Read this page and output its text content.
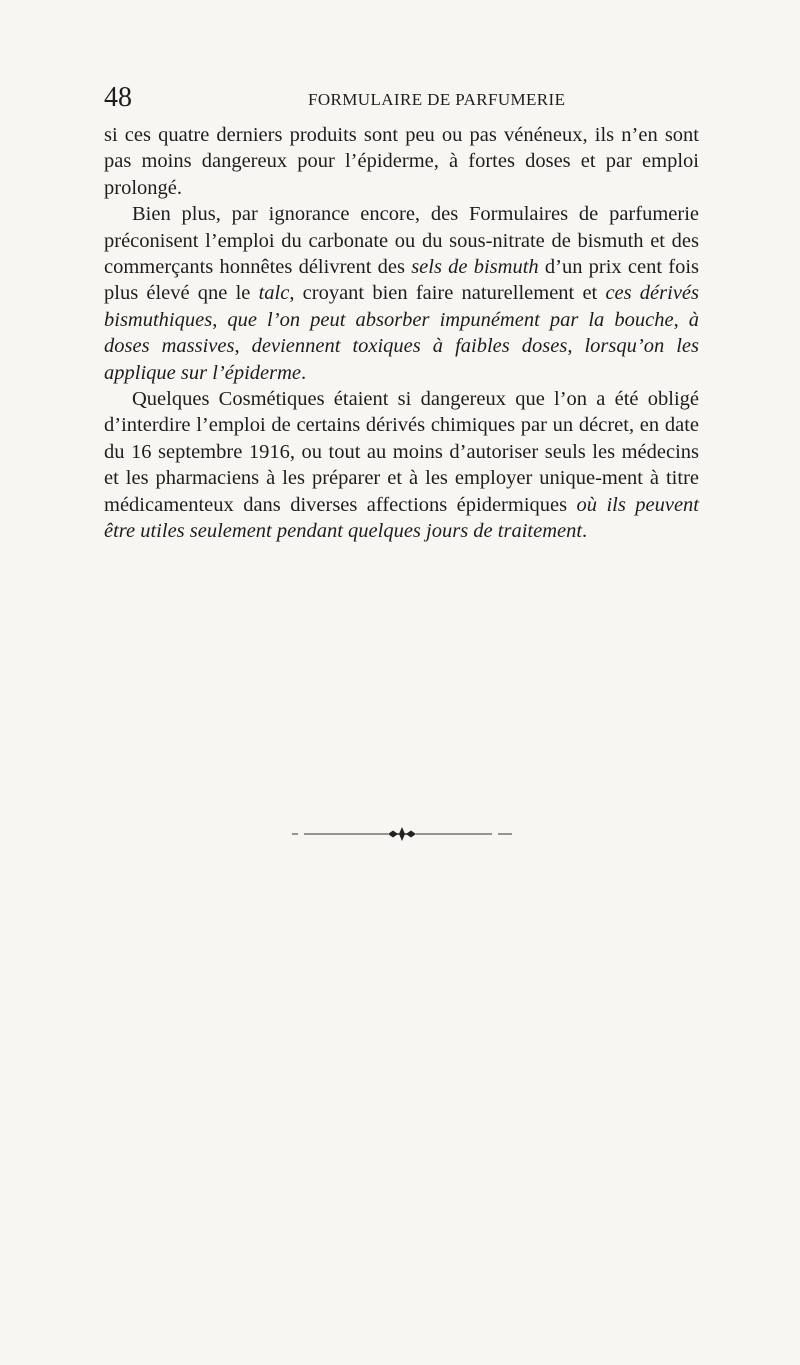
48	FORMULAIRE DE PARFUMERIE

si ces quatre derniers produits sont peu ou pas vénéneux, ils n’en sont pas moins dangereux pour l’épiderme, à fortes doses et par emploi prolongé.

Bien plus, par ignorance encore, des Formulaires de parfumerie préconisent l’emploi du carbonate ou du sous-nitrate de bismuth et des commerçants honnêtes délivrent des sels de bismuth d’un prix cent fois plus élevé qne le talc, croyant bien faire naturellement et ces dérivés bismuthiques, que l’on peut absorber impunément par la bouche, à doses massives, deviennent toxiques à faibles doses, lorsqu’on les applique sur l’épiderme.

Quelques Cosmétiques étaient si dangereux que l’on a été obligé d’interdire l’emploi de certains dérivés chimiques par un décret, en date du 16 septembre 1916, ou tout au moins d’autoriser seuls les médecins et les pharmaciens à les préparer et à les employer unique-ment à titre médicamenteux dans diverses affections épidermiques où ils peuvent être utiles seulement pendant quelques jours de traitement.
